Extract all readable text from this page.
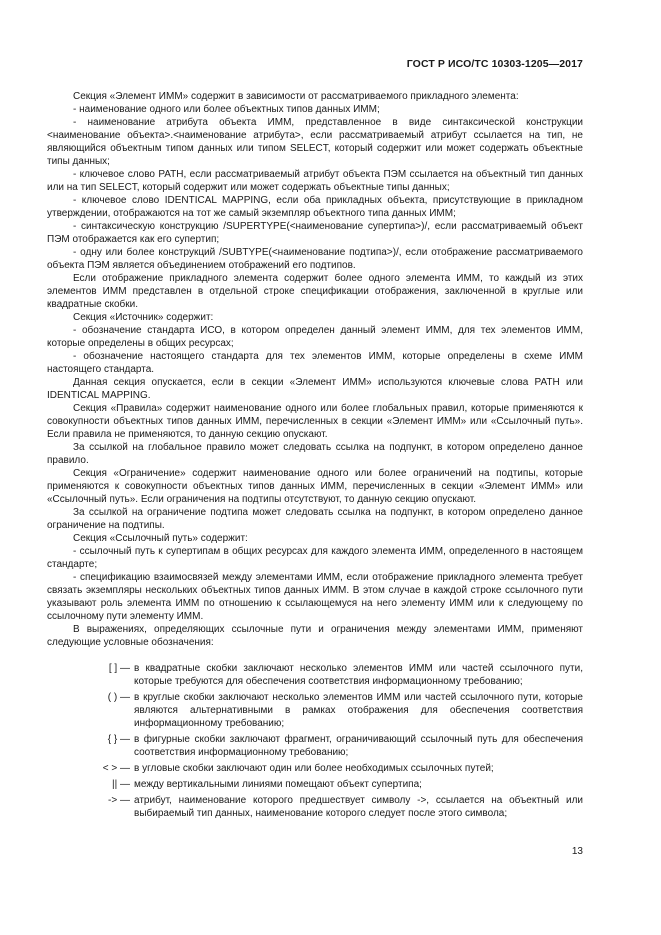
ГОСТ Р ИСО/ТС 10303-1205—2017

Секция «Элемент ИММ» содержит в зависимости от рассматриваемого прикладного элемента:

- наименование одного или более объектных типов данных ИММ;

- наименование атрибута объекта ИММ, представленное в виде синтаксической конструкции <наименование объекта>.<наименование атрибута>, если рассматриваемый атрибут ссылается на тип, не являющийся объектным типом данных или типом SELECT, который содержит или может содержать объектные типы данных;

- ключевое слово PATH, если рассматриваемый атрибут объекта ПЭМ ссылается на объектный тип данных или на тип SELECT, который содержит или может содержать объектные типы данных;

- ключевое слово IDENTICAL MAPPING, если оба прикладных объекта, присутствующие в прикладном утверждении, отображаются на тот же самый экземпляр объектного типа данных ИММ;

- синтаксическую конструкцию /SUPERTYPE(<наименование супертипа>)/, если рассматриваемый объект ПЭМ отображается как его супертип;

- одну или более конструкций /SUBTYPE(<наименование подтипа>)/, если отображение рассматриваемого объекта ПЭМ является объединением отображений его подтипов.

Если отображение прикладного элемента содержит более одного элемента ИММ, то каждый из этих элементов ИММ представлен в отдельной строке спецификации отображения, заключенной в круглые или квадратные скобки.

Секция «Источник» содержит:

- обозначение стандарта ИСО, в котором определен данный элемент ИММ, для тех элементов ИММ, которые определены в общих ресурсах;

- обозначение настоящего стандарта для тех элементов ИММ, которые определены в схеме ИММ настоящего стандарта.

Данная секция опускается, если в секции «Элемент ИММ» используются ключевые слова PATH или IDENTICAL MAPPING.

Секция «Правила» содержит наименование одного или более глобальных правил, которые применяются к совокупности объектных типов данных ИММ, перечисленных в секции «Элемент ИММ» или «Ссылочный путь». Если правила не применяются, то данную секцию опускают.

За ссылкой на глобальное правило может следовать ссылка на подпункт, в котором определено данное правило.

Секция «Ограничение» содержит наименование одного или более ограничений на подтипы, которые применяются к совокупности объектных типов данных ИММ, перечисленных в секции «Элемент ИММ» или «Ссылочный путь». Если ограничения на подтипы отсутствуют, то данную секцию опускают.

За ссылкой на ограничение подтипа может следовать ссылка на подпункт, в котором определено данное ограничение на подтипы.

Секция «Ссылочный путь» содержит:

- ссылочный путь к супертипам в общих ресурсах для каждого элемента ИММ, определенного в настоящем стандарте;

- спецификацию взаимосвязей между элементами ИММ, если отображение прикладного элемента требует связать экземпляры нескольких объектных типов данных ИММ. В этом случае в каждой строке ссылочного пути указывают роль элемента ИММ по отношению к ссылающемуся на него элементу ИММ или к следующему по ссылочному пути элементу ИММ.

В выражениях, определяющих ссылочные пути и ограничения между элементами ИММ, применяют следующие условные обозначения:

[ ] — в квадратные скобки заключают несколько элементов ИММ или частей ссылочного пути, которые требуются для обеспечения соответствия информационному требованию;
( ) — в круглые скобки заключают несколько элементов ИММ или частей ссылочного пути, которые являются альтернативными в рамках отображения для обеспечения соответствия информационному требованию;
{ } — в фигурные скобки заключают фрагмент, ограничивающий ссылочный путь для обеспечения соответствия информационному требованию;
< > — в угловые скобки заключают один или более необходимых ссылочных путей;
|| — между вертикальными линиями помещают объект супертипа;
-> — атрибут, наименование которого предшествует символу ->, ссылается на объектный или выбираемый тип данных, наименование которого следует после этого символа;
13
